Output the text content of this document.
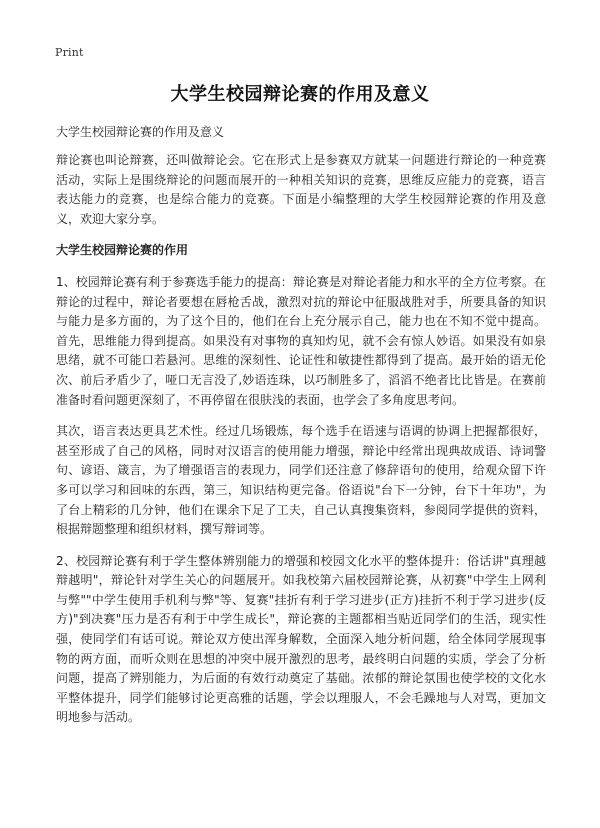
Print
大学生校园辩论赛的作用及意义
大学生校园辩论赛的作用及意义

辩论赛也叫论辩赛，还叫做辩论会。它在形式上是参赛双方就某一问题进行辩论的一种竞赛活动，实际上是围绕辩论的问题而展开的一种相关知识的竞赛，思维反应能力的竞赛，语言表达能力的竞赛，也是综合能力的竞赛。下面是小编整理的大学生校园辩论赛的作用及意义，欢迎大家分享。

大学生校园辩论赛的作用

1、校园辩论赛有利于参赛选手能力的提高：辩论赛是对辩论者能力和水平的全方位考察。在辩论的过程中，辩论者要想在唇枪舌战，激烈对抗的辩论中征服战胜对手，所要具备的知识与能力是多方面的，为了这个目的，他们在台上充分展示自己，能力也在不知不觉中提高。首先，思维能力得到提高。如果没有对事物的真知灼见，就不会有惊人妙语。如果没有如泉思绪，就不可能口若悬河。思维的深刻性、论证性和敏捷性都得到了提高。最开始的语无伦次、前后矛盾少了，哑口无言没了,妙语连珠，以巧制胜多了，滔滔不绝者比比皆是。在赛前准备时看问题更深刻了，不再停留在很肤浅的表面，也学会了多角度思考问。

其次，语言表达更具艺术性。经过几场锻炼，每个选手在语速与语调的协调上把握都很好，甚至形成了自己的风格，同时对汉语言的使用能力增强，辩论中经常出现典故成语、诗词警句、谚语、箴言，为了增强语言的表现力，同学们还注意了修辞语句的使用，给观众留下许多可以学习和回味的东西，第三，知识结构更完备。俗语说"台下一分钟，台下十年功"，为了台上精彩的几分钟，他们在课余下足了工夫，自己认真搜集资料，参阅同学提供的资料，根据辩题整理和组织材料，撰写辩词等。

2、校园辩论赛有利于学生整体辨别能力的增强和校园文化水平的整体提升：俗话讲"真理越辩越明"，辩论针对学生关心的问题展开。如我校第六届校园辩论赛，从初赛"中学生上网利与弊""中学生使用手机利与弊"等、复赛"挂折有利于学习进步(正方)挂折不利于学习进步(反方)"到决赛"压力是否有利于中学生成长"，辩论赛的主题都相当贴近同学们的生活，现实性强，使同学们有话可说。辩论双方使出浑身解数，全面深入地分析问题，给全体同学展现事物的两方面，而听众则在思想的冲突中展开激烈的思考，最终明白问题的实质，学会了分析问题，提高了辨别能力，为后面的有效行动奠定了基础。浓郁的辩论氛围也使学校的文化水平整体提升，同学们能够讨论更高雅的话题，学会以理服人，不会毛躁地与人对骂，更加文明地参与活动。
